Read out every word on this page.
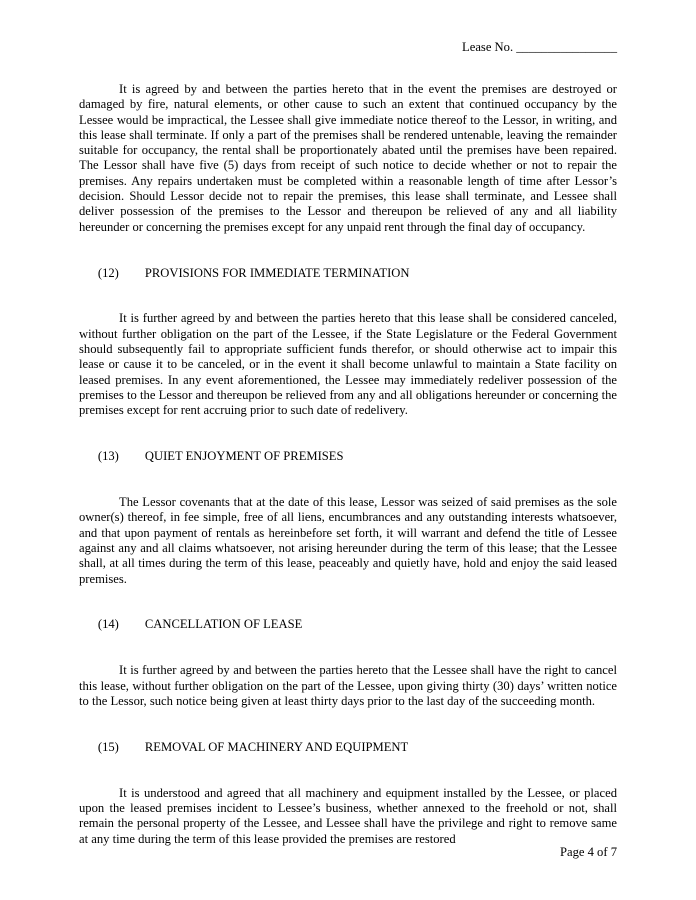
Lease No. ________________

It is agreed by and between the parties hereto that in the event the premises are destroyed or damaged by fire, natural elements, or other cause to such an extent that continued occupancy by the Lessee would be impractical, the Lessee shall give immediate notice thereof to the Lessor, in writing, and this lease shall terminate. If only a part of the premises shall be rendered untenable, leaving the remainder suitable for occupancy, the rental shall be proportionately abated until the premises have been repaired. The Lessor shall have five (5) days from receipt of such notice to decide whether or not to repair the premises. Any repairs undertaken must be completed within a reasonable length of time after Lessor’s decision. Should Lessor decide not to repair the premises, this lease shall terminate, and Lessee shall deliver possession of the premises to the Lessor and thereupon be relieved of any and all liability hereunder or concerning the premises except for any unpaid rent through the final day of occupancy.

(12) PROVISIONS FOR IMMEDIATE TERMINATION

It is further agreed by and between the parties hereto that this lease shall be considered canceled, without further obligation on the part of the Lessee, if the State Legislature or the Federal Government should subsequently fail to appropriate sufficient funds therefor, or should otherwise act to impair this lease or cause it to be canceled, or in the event it shall become unlawful to maintain a State facility on leased premises. In any event aforementioned, the Lessee may immediately redeliver possession of the premises to the Lessor and thereupon be relieved from any and all obligations hereunder or concerning the premises except for rent accruing prior to such date of redelivery.

(13) QUIET ENJOYMENT OF PREMISES

The Lessor covenants that at the date of this lease, Lessor was seized of said premises as the sole owner(s) thereof, in fee simple, free of all liens, encumbrances and any outstanding interests whatsoever, and that upon payment of rentals as hereinbefore set forth, it will warrant and defend the title of Lessee against any and all claims whatsoever, not arising hereunder during the term of this lease; that the Lessee shall, at all times during the term of this lease, peaceably and quietly have, hold and enjoy the said leased premises.

(14) CANCELLATION OF LEASE

It is further agreed by and between the parties hereto that the Lessee shall have the right to cancel this lease, without further obligation on the part of the Lessee, upon giving thirty (30) days’ written notice to the Lessor, such notice being given at least thirty days prior to the last day of the succeeding month.

(15) REMOVAL OF MACHINERY AND EQUIPMENT

It is understood and agreed that all machinery and equipment installed by the Lessee, or placed upon the leased premises incident to Lessee’s business, whether annexed to the freehold or not, shall remain the personal property of the Lessee, and Lessee shall have the privilege and right to remove same at any time during the term of this lease provided the premises are restored

Page 4 of 7
